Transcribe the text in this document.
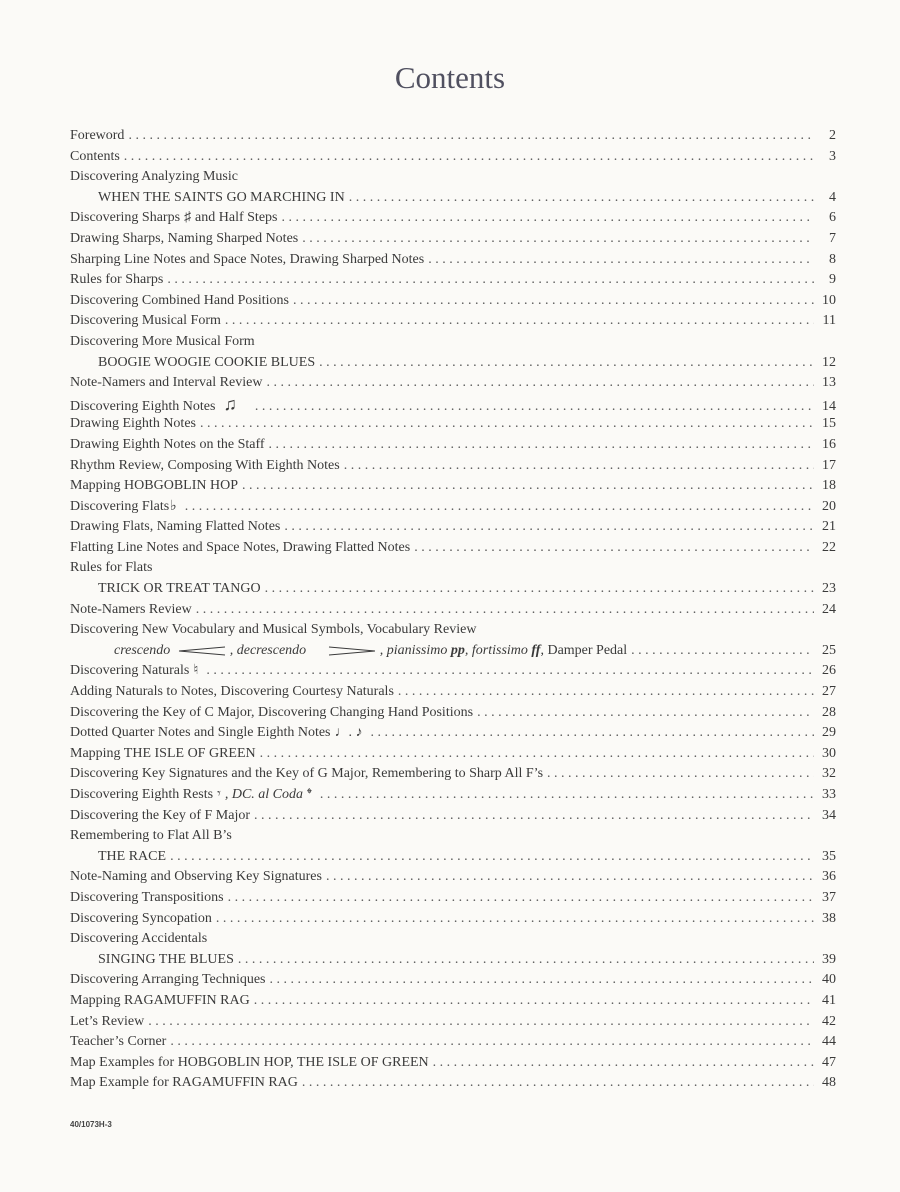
Contents
Foreword . . .	2
Contents . . .	3
Discovering Analyzing Music
WHEN THE SAINTS GO MARCHING IN . . .	4
Discovering Sharps ♯ and Half Steps . . .	6
Drawing Sharps, Naming Sharped Notes . . .	7
Sharping Line Notes and Space Notes, Drawing Sharped Notes . . .	8
Rules for Sharps . . .	9
Discovering Combined Hand Positions . . .	10
Discovering Musical Form . . .	11
Discovering More Musical Form
BOOGIE WOOGIE COOKIE BLUES . . .	12
Note-Namers and Interval Review . . .	13
Discovering Eighth Notes ♫ . . .	14
Drawing Eighth Notes . . .	15
Drawing Eighth Notes on the Staff . . .	16
Rhythm Review, Composing With Eighth Notes . . .	17
Mapping HOBGOBLIN HOP . . .	18
Discovering Flats♭ . . .	20
Drawing Flats, Naming Flatted Notes . . .	21
Flatting Line Notes and Space Notes, Drawing Flatted Notes . . .	22
Rules for Flats
TRICK OR TREAT TANGO . . .	23
Note-Namers Review . . .	24
Discovering New Vocabulary and Musical Symbols, Vocabulary Review
crescendo	, decrescendo	, pianissimo pp, fortissimo ff, Damper Pedal . . .	25
Discovering Naturals ♮ . . .	26
Adding Naturals to Notes, Discovering Courtesy Naturals . . .	27
Discovering the Key of C Major, Discovering Changing Hand Positions . . .	28
Dotted Quarter Notes and Single Eighth Notes ♩. ♪ . . .	29
Mapping THE ISLE OF GREEN . . .	30
Discovering Key Signatures and the Key of G Major, Remembering to Sharp All F’s . . .	32
Discovering Eighth Rests 𝄾 , DC. al Coda 𝄌 . . .	33
Discovering the Key of F Major . . .	34
Remembering to Flat All B’s
THE RACE . . .	35
Note-Naming and Observing Key Signatures . . .	36
Discovering Transpositions . . .	37
Discovering Syncopation . . .	38
Discovering Accidentals
SINGING THE BLUES . . .	39
Discovering Arranging Techniques . . .	40
Mapping RAGAMUFFIN RAG . . .	41
Let’s Review . . .	42
Teacher’s Corner . . .	44
Map Examples for HOBGOBLIN HOP, THE ISLE OF GREEN . . .	47
Map Example for RAGAMUFFIN RAG . . .	48
40/1073H-3
